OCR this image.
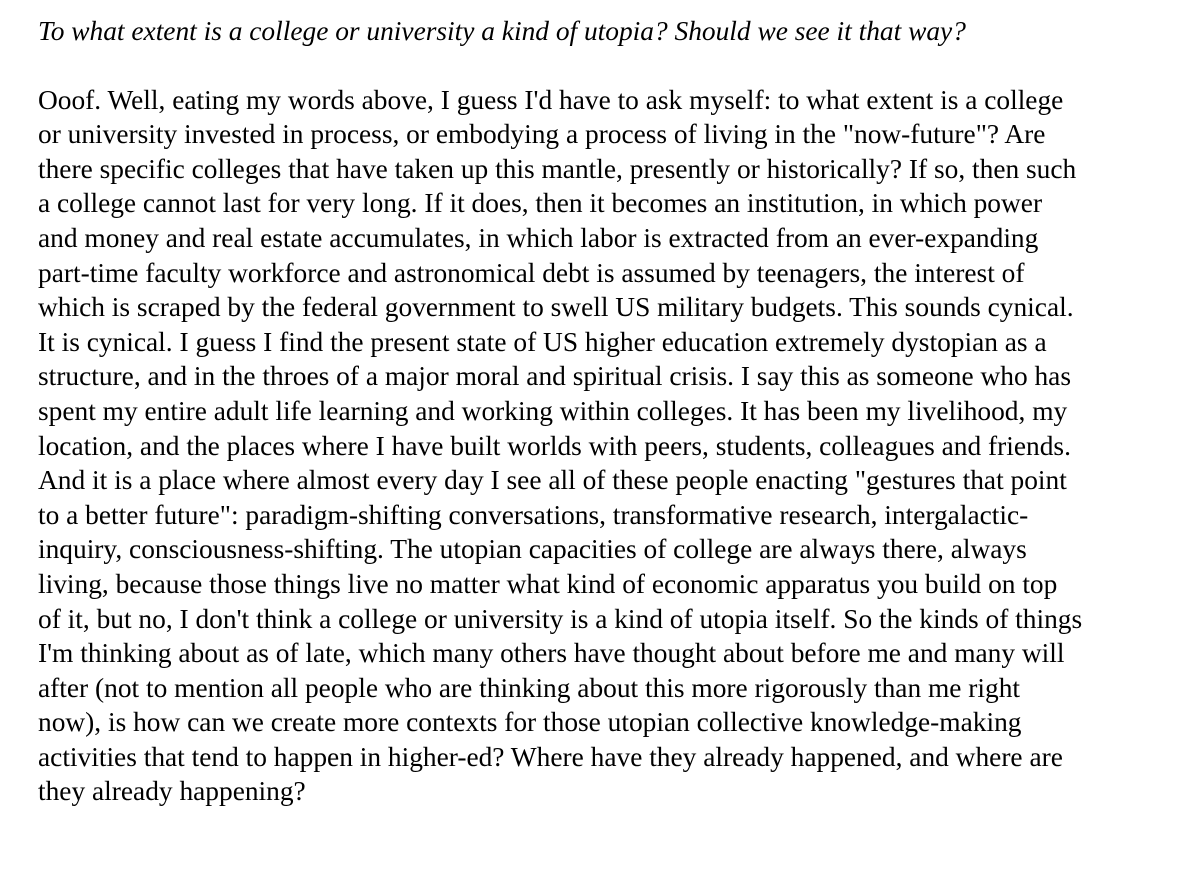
To what extent is a college or university a kind of utopia? Should we see it that way?

Ooof. Well, eating my words above, I guess I'd have to ask myself: to what extent is a college
or university invested in process, or embodying a process of living in the "now-future"? Are
there specific colleges that have taken up this mantle, presently or historically? If so, then such
a college cannot last for very long. If it does, then it becomes an institution, in which power
and money and real estate accumulates, in which labor is extracted from an ever-expanding
part-time faculty workforce and astronomical debt is assumed by teenagers, the interest of
which is scraped by the federal government to swell US military budgets. This sounds cynical.
It is cynical. I guess I find the present state of US higher education extremely dystopian as a
structure, and in the throes of a major moral and spiritual crisis. I say this as someone who has
spent my entire adult life learning and working within colleges. It has been my livelihood, my
location, and the places where I have built worlds with peers, students, colleagues and friends.
And it is a place where almost every day I see all of these people enacting "gestures that point
to a better future": paradigm-shifting conversations, transformative research, intergalactic-
inquiry, consciousness-shifting. The utopian capacities of college are always there, always
living, because those things live no matter what kind of economic apparatus you build on top
of it, but no, I don't think a college or university is a kind of utopia itself. So the kinds of things
I'm thinking about as of late, which many others have thought about before me and many will
after (not to mention all people who are thinking about this more rigorously than me right
now), is how can we create more contexts for those utopian collective knowledge-making
activities that tend to happen in higher-ed? Where have they already happened, and where are
they already happening?
